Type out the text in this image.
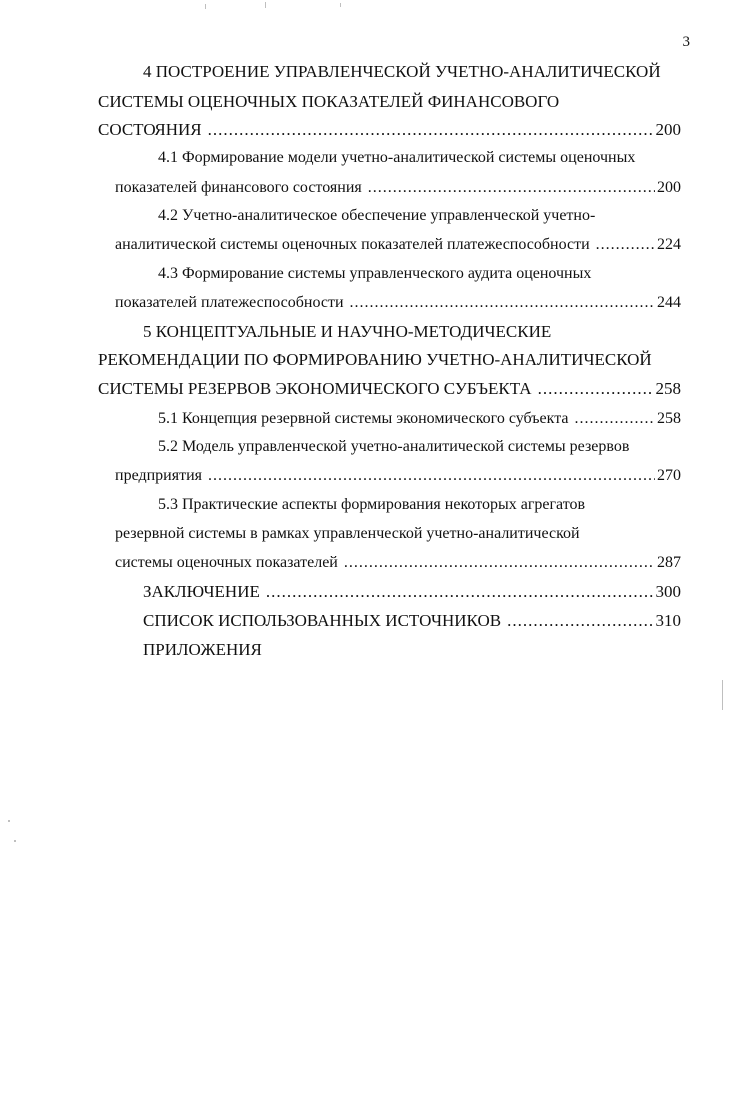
3
4 ПОСТРОЕНИЕ УПРАВЛЕНЧЕСКОЙ УЧЕТНО-АНАЛИТИЧЕСКОЙ
СИСТЕМЫ ОЦЕНОЧНЫХ ПОКАЗАТЕЛЕЙ ФИНАНСОВОГО
СОСТОЯНИЯ .....	200
4.1 Формирование модели учетно-аналитической системы оценочных
показателей финансового состояния .....	200
4.2 Учетно-аналитическое обеспечение управленческой учетно-
аналитической системы оценочных показателей платежеспособности .....	224
4.3 Формирование системы управленческого аудита оценочных
показателей платежеспособности .....	244
5 КОНЦЕПТУАЛЬНЫЕ И НАУЧНО-МЕТОДИЧЕСКИЕ
РЕКОМЕНДАЦИИ ПО ФОРМИРОВАНИЮ УЧЕТНО-АНАЛИТИЧЕСКОЙ
СИСТЕМЫ РЕЗЕРВОВ ЭКОНОМИЧЕСКОГО СУБЪЕКТА .....	258
5.1 Концепция резервной системы экономического субъекта .....	258
5.2 Модель управленческой учетно-аналитической системы резервов
предприятия .....	270
5.3 Практические аспекты формирования некоторых агрегатов
резервной системы в рамках управленческой учетно-аналитической
системы оценочных показателей .....	287
ЗАКЛЮЧЕНИЕ .....	300
СПИСОК ИСПОЛЬЗОВАННЫХ ИСТОЧНИКОВ .....	310
ПРИЛОЖЕНИЯ
